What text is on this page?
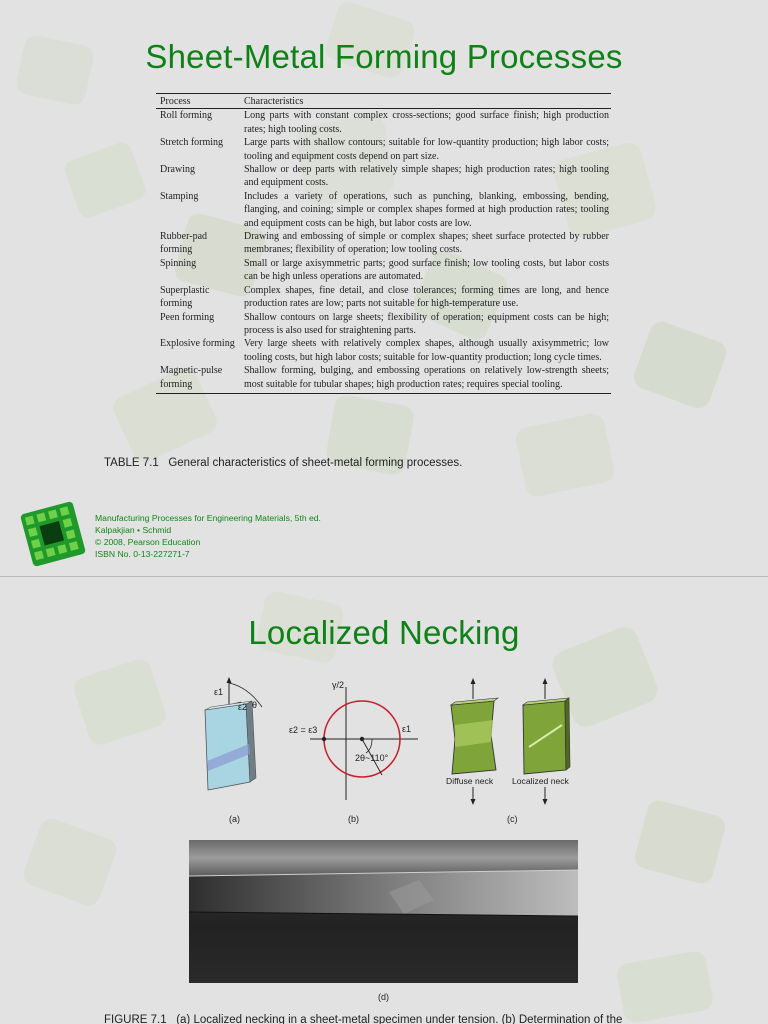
Sheet-Metal Forming Processes
Process	Characteristics
Roll forming	Long parts with constant complex cross-sections; good surface finish; high production rates; high tooling costs.
Stretch forming	Large parts with shallow contours; suitable for low-quantity production; high labor costs; tooling and equipment costs depend on part size.
Drawing	Shallow or deep parts with relatively simple shapes; high production rates; high tooling and equipment costs.
Stamping	Includes a variety of operations, such as punching, blanking, embossing, bending, flanging, and coining; simple or complex shapes formed at high production rates; tooling and equipment costs can be high, but labor costs are low.
Rubber-pad forming	Drawing and embossing of simple or complex shapes; sheet surface protected by rubber membranes; flexibility of operation; low tooling costs.
Spinning	Small or large axisymmetric parts; good surface finish; low tooling costs, but labor costs can be high unless operations are automated.
Superplastic forming	Complex shapes, fine detail, and close tolerances; forming times are long, and hence production rates are low; parts not suitable for high-temperature use.
Peen forming	Shallow contours on large sheets; flexibility of operation; equipment costs can be high; process is also used for straightening parts.
Explosive forming	Very large sheets with relatively complex shapes, although usually axisymmetric; low tooling costs, but high labor costs; suitable for low-quantity production; long cycle times.
Magnetic-pulse forming	Shallow forming, bulging, and embossing operations on relatively low-strength sheets; most suitable for tubular shapes; high production rates; requires special tooling.
TABLE 7.1   General characteristics of sheet-metal forming processes.
Manufacturing Processes for Engineering Materials, 5th ed.
Kalpakjian • Schmid
© 2008, Pearson Education
ISBN No. 0-13-227271-7
Localized Necking
ε1
ε2 θ
(a)
γ/2
ε1
ε2 = ε3
2θ~110°
(b)
Diffuse neck Localized neck
(c)
(d)
FIGURE 7.1   (a) Localized necking in a sheet-metal specimen under tension. (b) Determination of the
